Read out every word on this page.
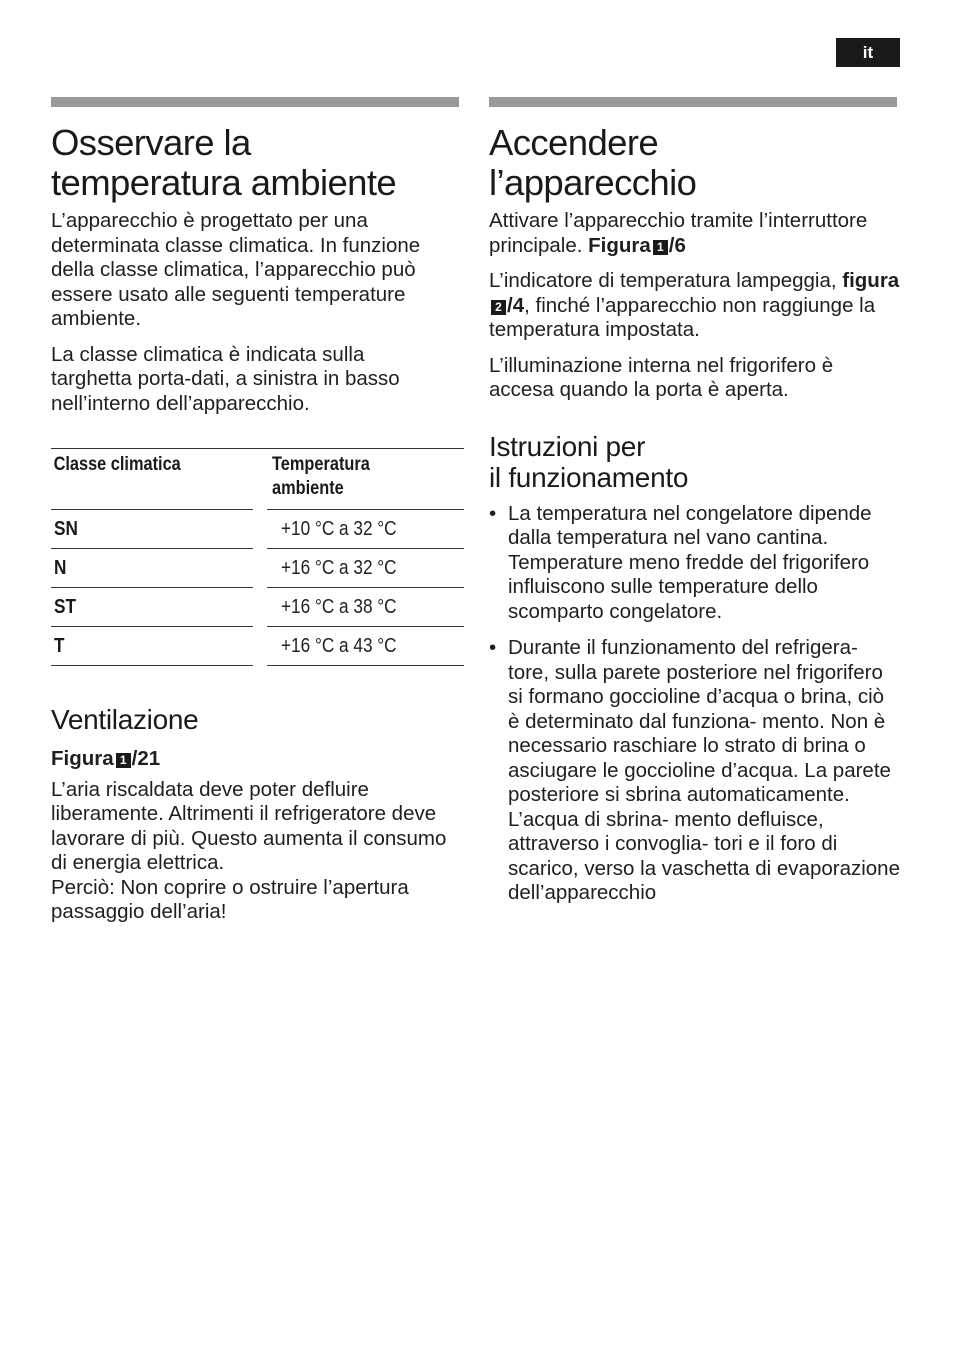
it
Osservare la
temperatura ambiente

L’apparecchio è progettato per una determinata classe climatica. In funzione della classe climatica, l’apparecchio può essere usato alle seguenti temperature ambiente.

La classe climatica è indicata sulla targhetta porta-dati, a sinistra in basso nell’interno dell’apparecchio.

Classe climatica	Temperatura
ambiente
SN	+10 °C a 32 °C
N	+16 °C a 32 °C
ST	+16 °C a 38 °C
T	+16 °C a 43 °C
Ventilazione

Figura 1 /21

L’aria riscaldata deve poter defluire liberamente. Altrimenti il refrigeratore deve lavorare di più. Questo aumenta il consumo di energia elettrica.

Perciò: Non coprire o ostruire l’apertura passaggio dell’aria!

Accendere
l’apparecchio

Attivare l’apparecchio tramite l’interruttore principale. Figura 1 /6

L’indicatore di temperatura lampeggia, figura2 /4, finché l’apparecchio non raggiunge la temperatura impostata.

L’illuminazione interna nel frigorifero è accesa quando la porta è aperta.

Istruzioni per
il funzionamento
• La temperatura nel congelatore dipende dalla temperatura nel vano cantina. Temperature meno fredde del frigorifero influiscono sulle temperature dello scomparto congelatore.
• Durante il funzionamento del refrigera- tore, sulla parete posteriore nel frigorifero si formano goccioline d’acqua o brina, ciò è determinato dal funziona- mento. Non è necessario raschiare lo strato di brina o asciugare le goccioline d’acqua. La parete posteriore si sbrina automaticamente. L’acqua di sbrina- mento defluisce, attraverso i convoglia- tori e il foro di scarico, verso la vaschetta di evaporazione dell’apparecchio
